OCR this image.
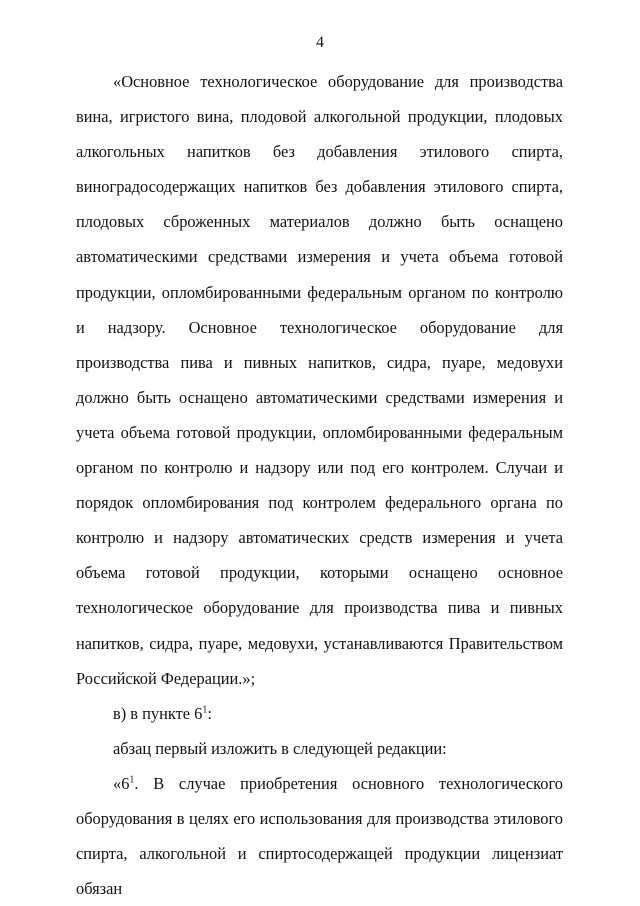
4

«Основное технологическое оборудование для производства вина, игристого вина, плодовой алкогольной продукции, плодовых алкогольных напитков без добавления этилового спирта, виноградосодержащих напитков без добавления этилового спирта, плодовых сброженных материалов должно быть оснащено автоматическими средствами измерения и учета объема готовой продукции, опломбированными федеральным органом по контролю и надзору. Основное технологическое оборудование для производства пива и пивных напитков, сидра, пуаре, медовухи должно быть оснащено автоматическими средствами измерения и учета объема готовой продукции, опломбированными федеральным органом по контролю и надзору или под его контролем. Случаи и порядок опломбирования под контролем федерального органа по контролю и надзору автоматических средств измерения и учета объема готовой продукции, которыми оснащено основное технологическое оборудование для производства пива и пивных напитков, сидра, пуаре, медовухи, устанавливаются Правительством Российской Федерации.»;

в) в пункте $6^1$:

абзац первый изложить в следующей редакции:

«$6^1$. В случае приобретения основного технологического оборудования в целях его использования для производства этилового спирта, алкогольной и спиртосодержащей продукции лицензиат обязан
